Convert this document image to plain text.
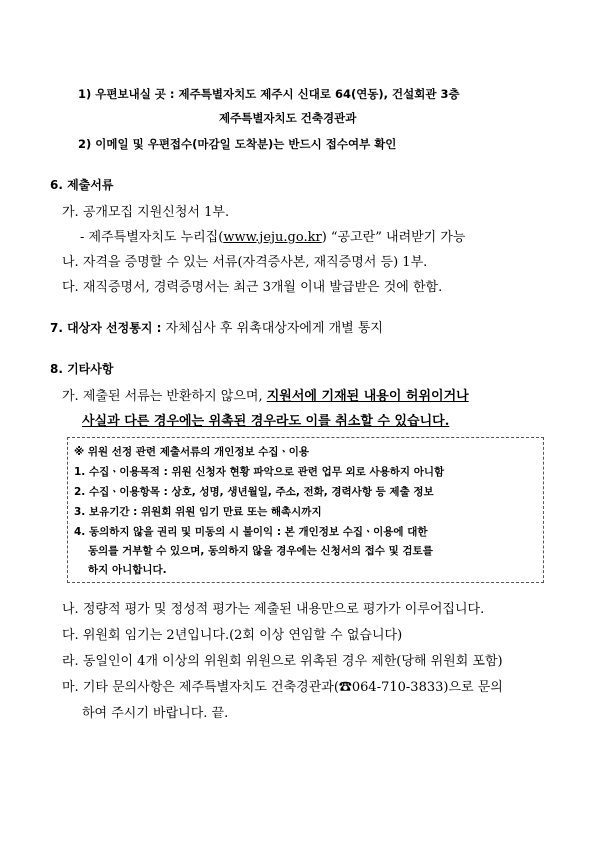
1) 우편보내실 곳 : 제주특별자치도 제주시 신대로 64(연동), 건설회관 3층
제주특별자치도 건축경관과
2) 이메일 및 우편접수(마감일 도착분)는 반드시 접수여부 확인
6. 제출서류
가. 공개모집 지원신청서 1부.
- 제주특별자치도 누리집(www.jeju.go.kr) “공고란” 내려받기 가능
나. 자격을 증명할 수 있는 서류(자격증사본, 재직증명서 등) 1부.
다. 재직증명서, 경력증명서는 최근 3개월 이내 발급받은 것에 한함.
7. 대상자 선정통지 : 자체심사 후 위촉대상자에게 개별 통지
8. 기타사항
가. 제출된 서류는 반환하지 않으며, 지원서에 기재된 내용이 허위이거나
사실과 다른 경우에는 위촉된 경우라도 이를 취소할 수 있습니다.
※ 위원 선정 관련 제출서류의 개인정보 수집ㆍ이용
1. 수집ㆍ이용목적 : 위원 신청자 현황 파악으로 관련 업무 외로 사용하지 아니함
2. 수집ㆍ이용항목 : 상호, 성명, 생년월일, 주소, 전화, 경력사항 등 제출 정보
3. 보유기간 : 위원회 위원 임기 만료 또는 해촉시까지
4. 동의하지 않을 권리 및 미동의 시 불이익 : 본 개인정보 수집ㆍ이용에 대한
동의를 거부할 수 있으며, 동의하지 않을 경우에는 신청서의 접수 및 검토를
하지 아니합니다.
나. 정량적 평가 및 정성적 평가는 제출된 내용만으로 평가가 이루어집니다.
다. 위원회 임기는 2년입니다.(2회 이상 연임할 수 없습니다)
라. 동일인이 4개 이상의 위원회 위원으로 위촉된 경우 제한(당해 위원회 포함)
마. 기타 문의사항은 제주특별자치도 건축경관과(☎064-710-3833)으로 문의
하여 주시기 바랍니다. 끝.
